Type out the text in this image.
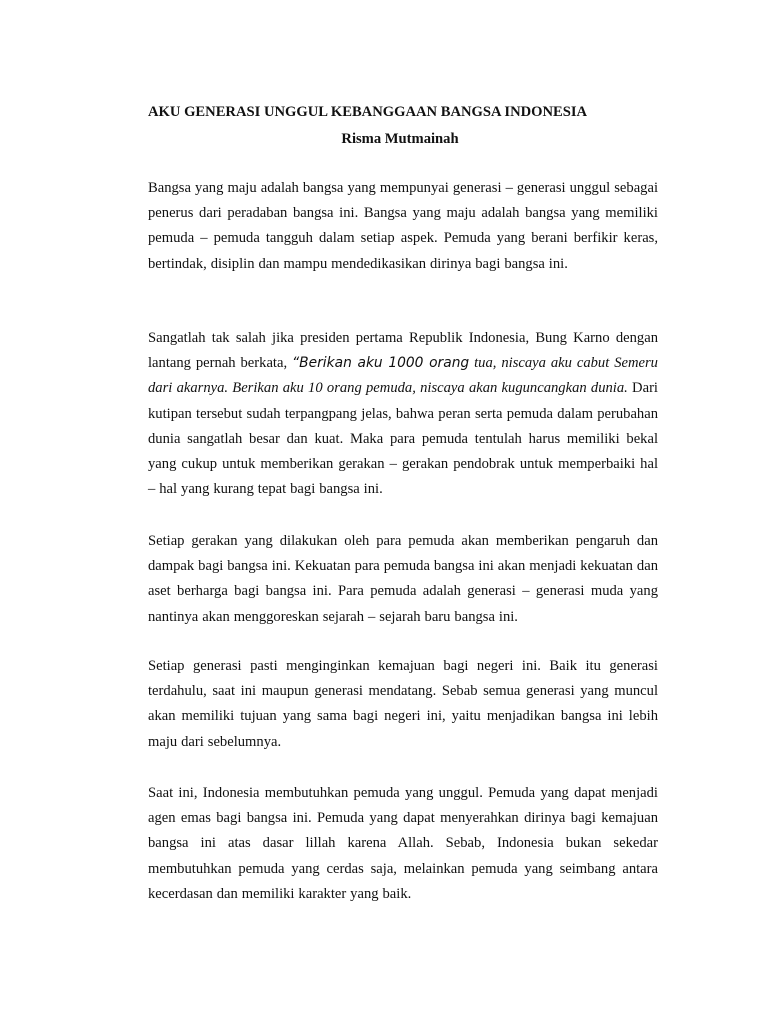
AKU GENERASI UNGGUL KEBANGGAAN BANGSA INDONESIA

Risma Mutmainah

Bangsa yang maju adalah bangsa yang mempunyai generasi – generasi unggul sebagai penerus dari peradaban bangsa ini. Bangsa yang maju adalah bangsa yang memiliki pemuda – pemuda tangguh dalam setiap aspek. Pemuda yang berani berfikir keras, bertindak, disiplin dan mampu mendedikasikan dirinya bagi bangsa ini.

Sangatlah tak salah jika presiden pertama Republik Indonesia, Bung Karno dengan lantang pernah berkata, “Berikan aku 1000 orang tua, niscaya aku cabut Semeru dari akarnya. Berikan aku 10 orang pemuda, niscaya akan kuguncangkan dunia. Dari kutipan tersebut sudah terpangpang jelas, bahwa peran serta pemuda dalam perubahan dunia sangatlah besar dan kuat. Maka para pemuda tentulah harus memiliki bekal yang cukup untuk memberikan gerakan – gerakan pendobrak untuk memperbaiki hal – hal yang kurang tepat bagi bangsa ini.

Setiap gerakan yang dilakukan oleh para pemuda akan memberikan pengaruh dan dampak bagi bangsa ini. Kekuatan para pemuda bangsa ini akan menjadi kekuatan dan aset berharga bagi bangsa ini. Para pemuda adalah generasi – generasi muda yang nantinya akan menggoreskan sejarah – sejarah baru bangsa ini.

Setiap generasi pasti menginginkan kemajuan bagi negeri ini. Baik itu generasi terdahulu, saat ini maupun generasi mendatang. Sebab semua generasi yang muncul akan memiliki tujuan yang sama bagi negeri ini, yaitu menjadikan bangsa ini lebih maju dari sebelumnya.

Saat ini, Indonesia membutuhkan pemuda yang unggul. Pemuda yang dapat menjadi agen emas bagi bangsa ini. Pemuda yang dapat menyerahkan dirinya bagi kemajuan bangsa ini atas dasar lillah karena Allah. Sebab, Indonesia bukan sekedar membutuhkan pemuda yang cerdas saja, melainkan pemuda yang seimbang antara kecerdasan dan memiliki karakter yang baik.
